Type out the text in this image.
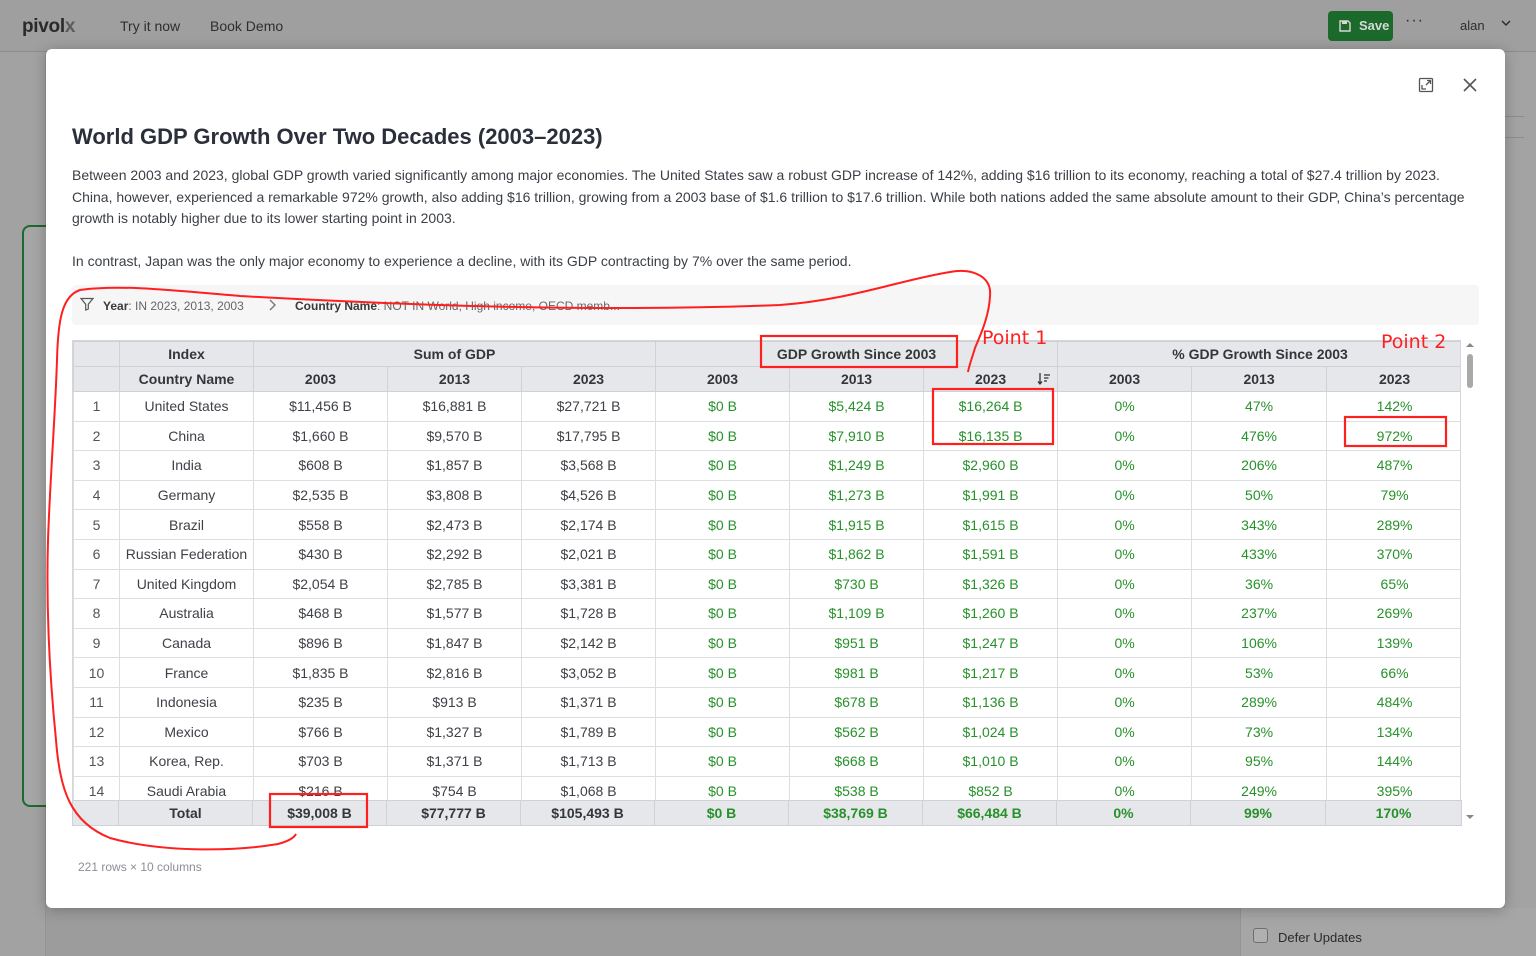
pivolx	Try it now Book Demo	Save ···	alan
Defer Updates
World GDP Growth Over Two Decades (2003–2023)

Between 2003 and 2023, global GDP growth varied significantly among major economies. The United States saw a robust GDP increase of 142%, adding $16 trillion to its economy, reaching a total of $27.4 trillion by 2023. China, however, experienced a remarkable 972% growth, also adding $16 trillion, growing from a 2003 base of $1.6 trillion to $17.6 trillion. While both nations added the same absolute amount to their GDP, China’s percentage growth is notably higher due to its lower starting point in 2003.

In contrast, Japan was the only major economy to experience a decline, with its GDP contracting by 7% over the same period.

Year: IN 2023, 2013, 2003	Country Name: NOT IN World, High income, OECD memb...
	Index	Sum of GDP			GDP Growth Since 2003			% GDP Growth Since 2003		
	Country Name	2003	2013	2023	2003	2013	2023	2003	2013	2023
1	United States	$11,456 B	$16,881 B	$27,721 B	$0 B	$5,424 B	$16,264 B	0%	47%	142%
2	China	$1,660 B	$9,570 B	$17,795 B	$0 B	$7,910 B	$16,135 B	0%	476%	972%
3	India	$608 B	$1,857 B	$3,568 B	$0 B	$1,249 B	$2,960 B	0%	206%	487%
4	Germany	$2,535 B	$3,808 B	$4,526 B	$0 B	$1,273 B	$1,991 B	0%	50%	79%
5	Brazil	$558 B	$2,473 B	$2,174 B	$0 B	$1,915 B	$1,615 B	0%	343%	289%
6	Russian Federation	$430 B	$2,292 B	$2,021 B	$0 B	$1,862 B	$1,591 B	0%	433%	370%
7	United Kingdom	$2,054 B	$2,785 B	$3,381 B	$0 B	$730 B	$1,326 B	0%	36%	65%
8	Australia	$468 B	$1,577 B	$1,728 B	$0 B	$1,109 B	$1,260 B	0%	237%	269%
9	Canada	$896 B	$1,847 B	$2,142 B	$0 B	$951 B	$1,247 B	0%	106%	139%
10	France	$1,835 B	$2,816 B	$3,052 B	$0 B	$981 B	$1,217 B	0%	53%	66%
11	Indonesia	$235 B	$913 B	$1,371 B	$0 B	$678 B	$1,136 B	0%	289%	484%
12	Mexico	$766 B	$1,327 B	$1,789 B	$0 B	$562 B	$1,024 B	0%	73%	134%
13	Korea, Rep.	$703 B	$1,371 B	$1,713 B	$0 B	$668 B	$1,010 B	0%	95%	144%
14	Saudi Arabia	$216 B	$754 B	$1,068 B	$0 B	$538 B	$852 B	0%	249%	395%
	Total	$39,008 B	$77,777 B	$105,493 B	$0 B	$38,769 B	$66,484 B	0%	99%	170%
221 rows × 10 columns
Point 1	Point 2
